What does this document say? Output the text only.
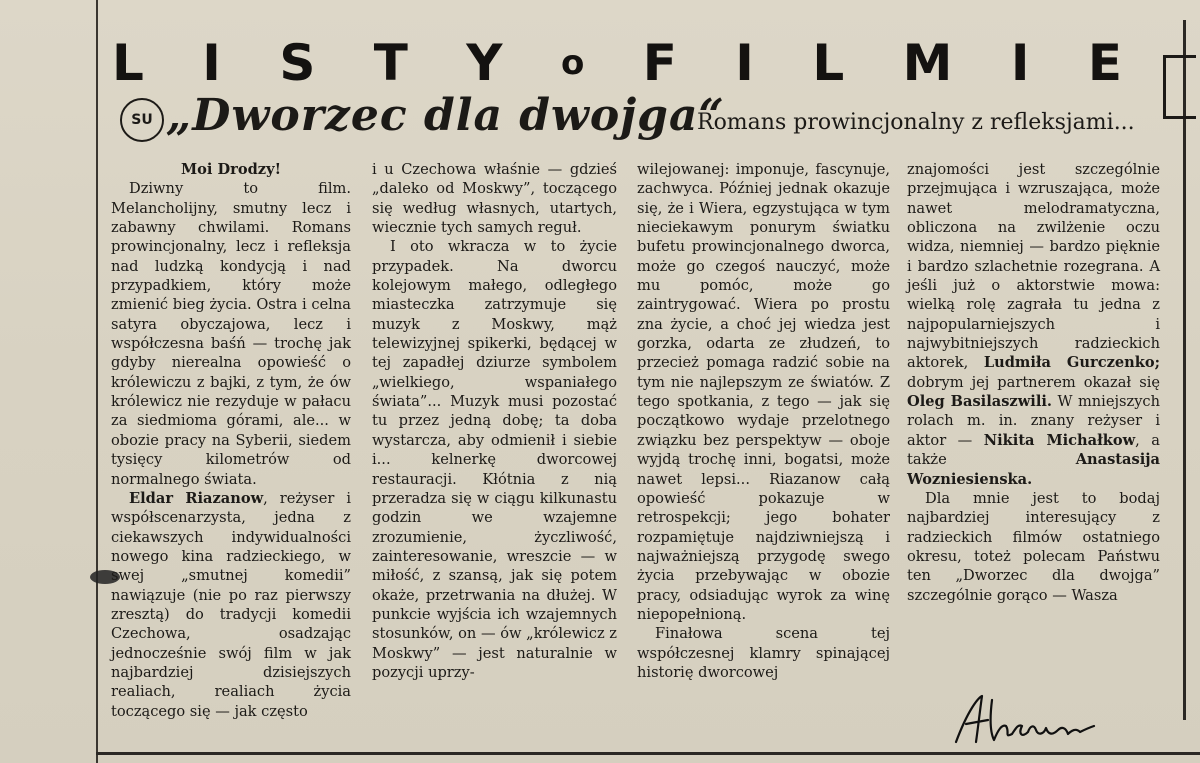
L I S T Y o F I L M I E
SU „Dworzec dla dwojga“
Romans prowincjonalny z refleksjami...

Moi Drodzy!

Dziwny to film. Melancholijny, smutny lecz i zabawny chwilami. Romans prowincjonalny, lecz i refleksja nad ludzką kondycją i nad przypadkiem, który może zmienić bieg życia. Ostra i celna satyra obyczajowa, lecz i współczesna baśń — trochę jak gdyby nierealna opowieść o królewiczu z bajki, z tym, że ów królewicz nie rezyduje w pałacu za siedmioma górami, ale... w obozie pracy na Syberii, siedem tysięcy kilometrów od normalnego świata.

Eldar Riazanow, reżyser i współscenarzysta, jedna z ciekawszych indywidualności nowego kina radzieckiego, w swej „smutnej komedii” nawiązuje (nie po raz pierwszy zresztą) do tradycji komedii Czechowa, osadzając jednocześnie swój film w jak najbardziej dzisiejszych realiach, realiach życia toczącego się — jak często

i u Czechowa właśnie — gdzieś „daleko od Moskwy”, toczącego się według własnych, utartych, wiecznie tych samych reguł.

I oto wkracza w to życie przypadek. Na dworcu kolejowym małego, odległego miasteczka zatrzymuje się muzyk z Moskwy, mąż telewizyjnej spikerki, będącej w tej zapadłej dziurze symbolem „wielkiego, wspaniałego świata”... Muzyk musi pozostać tu przez jedną dobę; ta doba wystarcza, aby odmienił i siebie i... kelnerkę dworcowej restauracji. Kłótnia z nią przeradza się w ciągu kilkunastu godzin we wzajemne zrozumienie, życzliwość, zainteresowanie, wreszcie — w miłość, z szansą, jak się potem okaże, przetrwania na dłużej. W punkcie wyjścia ich wzajemnych stosunków, on — ów „królewicz z Moskwy” — jest naturalnie w pozycji uprzy-

wilejowanej: imponuje, fascynuje, zachwyca. Później jednak okazuje się, że i Wiera, egzystująca w tym nieciekawym ponurym światku bufetu prowincjonalnego dworca, może go czegoś nauczyć, może mu pomóc, może go zaintrygować. Wiera po prostu zna życie, a choć jej wiedza jest gorzka, odarta ze złudzeń, to przecież pomaga radzić sobie na tym nie najlepszym ze światów. Z tego spotkania, z tego — jak się początkowo wydaje przelotnego związku bez perspektyw — oboje wyjdą trochę inni, bogatsi, może nawet lepsi... Riazanow całą opowieść pokazuje w retrospekcji; jego bohater rozpamiętuje najdziwniejszą i najważniejszą przygodę swego życia przebywając w obozie pracy, odsiadując wyrok za winę niepopełnioną.

Finałowa scena tej współczesnej klamry spinającej historię dworcowej

znajomości jest szczególnie przejmująca i wzruszająca, może nawet melodramatyczna, obliczona na zwilżenie oczu widza, niemniej — bardzo pięknie i bardzo szlachetnie rozegrana. A jeśli już o aktorstwie mowa: wielką rolę zagrała tu jedna z najpopularniejszych i najwybitniejszych radzieckich aktorek, Ludmiła Gurczenko; dobrym jej partnerem okazał się Oleg Basilaszwili. W mniejszych rolach m. in. znany reżyser i aktor — Nikita Michałkow, a także Anastasija Wozniesienska.

Dla mnie jest to bodaj najbardziej interesujący z radzieckich filmów ostatniego okresu, toteż polecam Państwu ten „Dworzec dla dwojga” szczególnie gorąco — Wasza
